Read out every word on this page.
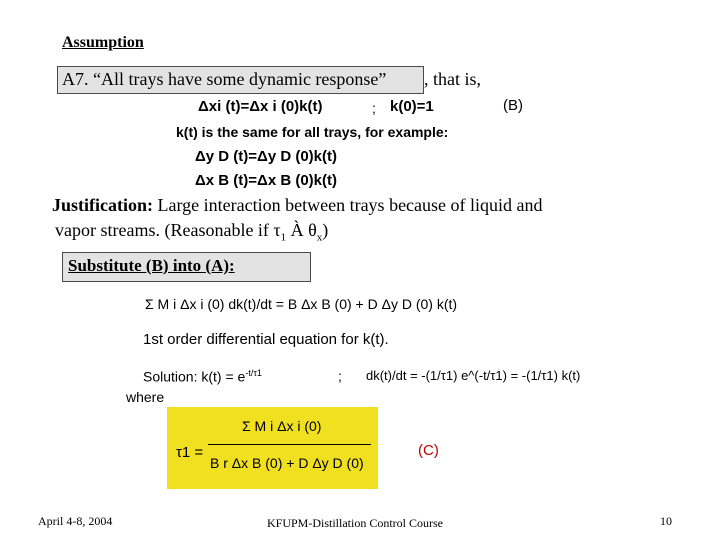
Assumption
A7. “All trays have some dynamic response” , that is,
Δxi (t)=Δx i (0)k(t)	; k(0)=1	(B)
k(t) is the same for all trays, for example:
Δy D (t)=Δy D (0)k(t)
Δx B (t)=Δx B (0)k(t)
Justification: Large interaction between trays because of liquid and
vapor streams. (Reasonable if $\tau_1$ À $\theta_x$)
Substitute (B) into (A):
Σ M i Δx i (0) dk(t)/dt = B Δx B (0) + D Δy D (0) k(t)
1st order differential equation for k(t).
Solution: $k(t) = e^{-t/\tau 1}$	; dk(t)/dt = -(1/τ1) e^(-t/τ1) = -(1/τ1) k(t)
where
τ1 =
Σ M i Δx i (0)
B r Δx B (0) + D Δy D (0)
(C)
April 4-8, 2004	KFUPM-Distillation Control Course	10
